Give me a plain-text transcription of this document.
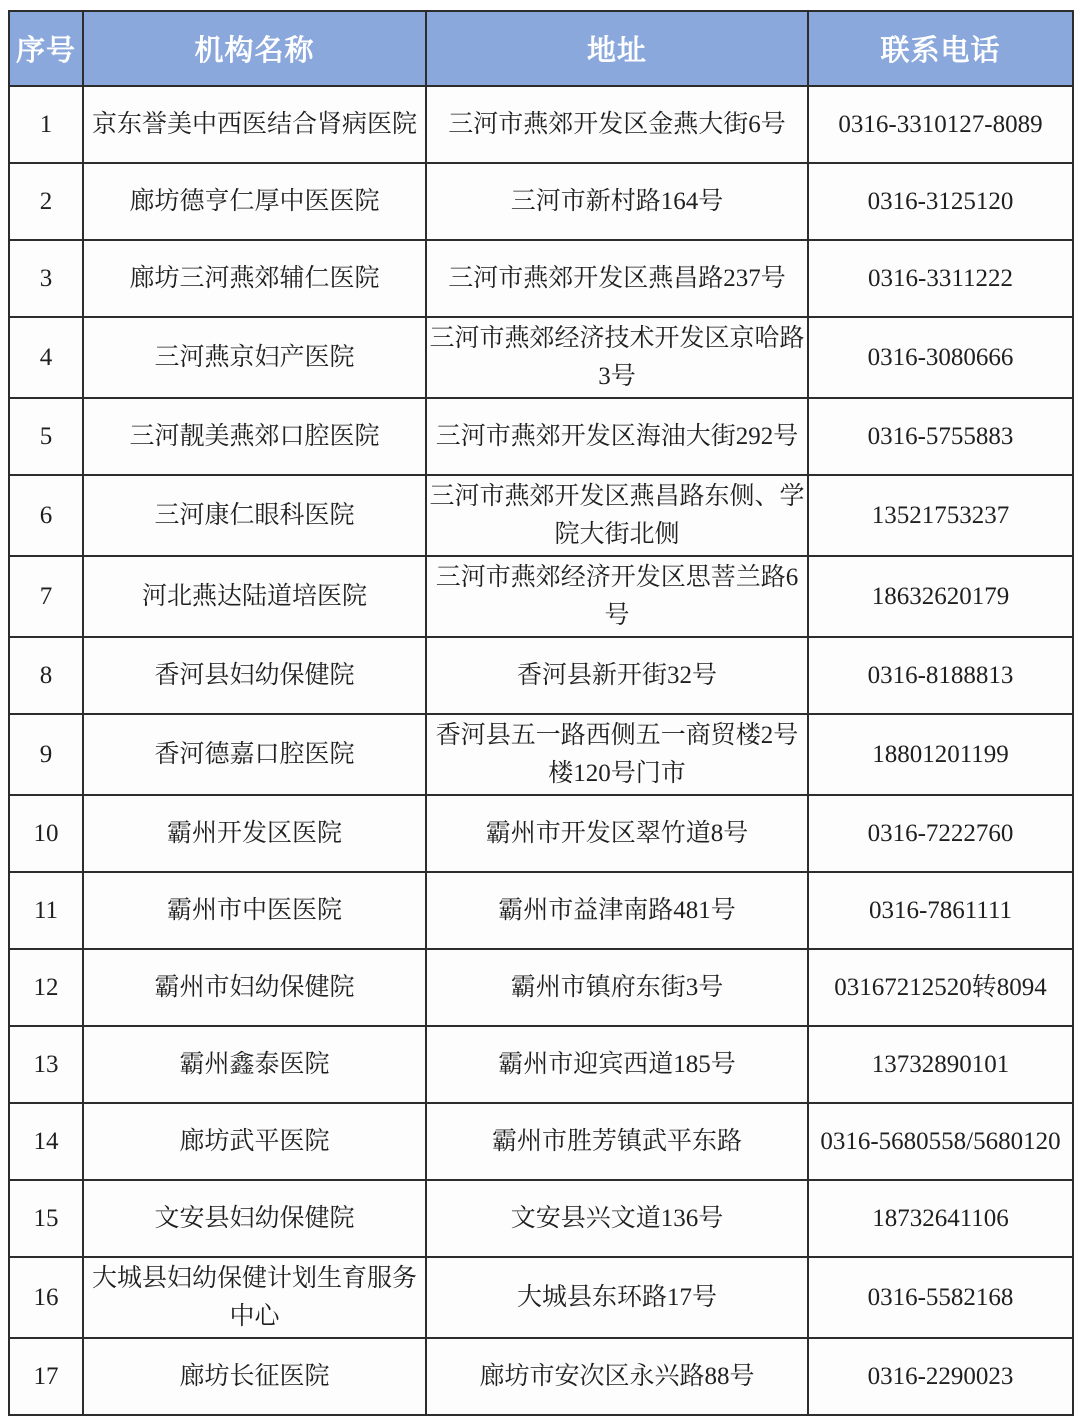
序号	机构名称	地址	联系电话
1	京东誉美中西医结合肾病医院	三河市燕郊开发区金燕大街6号	0316-3310127-8089
2	廊坊德亨仁厚中医医院	三河市新村路164号	0316-3125120
3	廊坊三河燕郊辅仁医院	三河市燕郊开发区燕昌路237号	0316-3311222
4	三河燕京妇产医院	三河市燕郊经济技术开发区京哈路3号	0316-3080666
5	三河靓美燕郊口腔医院	三河市燕郊开发区海油大街292号	0316-5755883
6	三河康仁眼科医院	三河市燕郊开发区燕昌路东侧、学院大街北侧	13521753237
7	河北燕达陆道培医院	三河市燕郊经济开发区思菩兰路6号	18632620179
8	香河县妇幼保健院	香河县新开街32号	0316-8188813
9	香河德嘉口腔医院	香河县五一路西侧五一商贸楼2号楼120号门市	18801201199
10	霸州开发区医院	霸州市开发区翠竹道8号	0316-7222760
11	霸州市中医医院	霸州市益津南路481号	0316-7861111
12	霸州市妇幼保健院	霸州市镇府东街3号	03167212520转8094
13	霸州鑫泰医院	霸州市迎宾西道185号	13732890101
14	廊坊武平医院	霸州市胜芳镇武平东路	0316-5680558/5680120
15	文安县妇幼保健院	文安县兴文道136号	18732641106
16	大城县妇幼保健计划生育服务中心	大城县东环路17号	0316-5582168
17	廊坊长征医院	廊坊市安次区永兴路88号	0316-2290023
